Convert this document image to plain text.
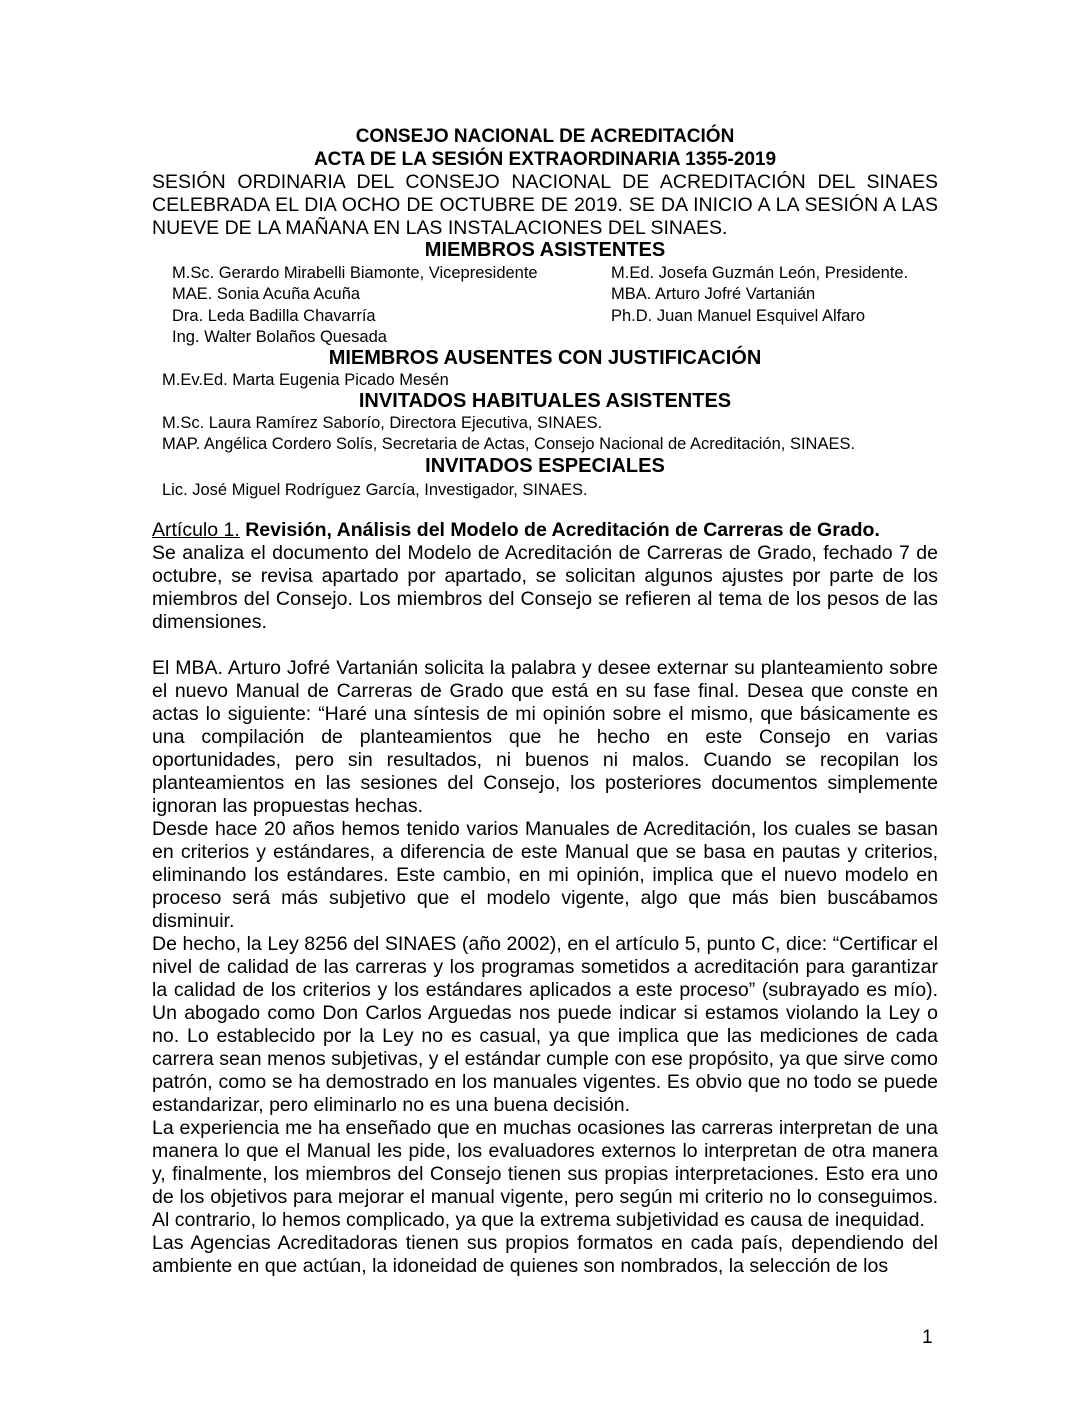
CONSEJO NACIONAL DE ACREDITACIÓN
ACTA DE LA SESIÓN EXTRAORDINARIA 1355-2019
SESIÓN ORDINARIA DEL CONSEJO NACIONAL DE ACREDITACIÓN DEL SINAES CELEBRADA EL DIA OCHO DE OCTUBRE DE 2019. SE DA INICIO A LA SESIÓN A LAS NUEVE DE LA MAÑANA EN LAS INSTALACIONES DEL SINAES.
MIEMBROS ASISTENTES
M.Sc. Gerardo Mirabelli Biamonte, Vicepresidente
MAE. Sonia Acuña Acuña
Dra. Leda Badilla Chavarría
Ing. Walter Bolaños Quesada
M.Ed. Josefa Guzmán León, Presidente.
MBA. Arturo Jofré Vartanián
Ph.D. Juan Manuel Esquivel Alfaro
MIEMBROS AUSENTES CON JUSTIFICACIÓN
M.Ev.Ed. Marta Eugenia Picado Mesén
INVITADOS HABITUALES ASISTENTES
M.Sc. Laura Ramírez Saborío, Directora Ejecutiva, SINAES.
MAP. Angélica Cordero Solís, Secretaria de Actas, Consejo Nacional de Acreditación, SINAES.
INVITADOS ESPECIALES
Lic. José Miguel Rodríguez García, Investigador, SINAES.

Artículo 1. Revisión, Análisis del Modelo de Acreditación de Carreras de Grado.

Se analiza el documento del Modelo de Acreditación de Carreras de Grado, fechado 7 de octubre, se revisa apartado por apartado, se solicitan algunos ajustes por parte de los miembros del Consejo. Los miembros del Consejo se refieren al tema de los pesos de las dimensiones.

El MBA. Arturo Jofré Vartanián solicita la palabra y desee externar su planteamiento sobre el nuevo Manual de Carreras de Grado que está en su fase final. Desea que conste en actas lo siguiente: “Haré una síntesis de mi opinión sobre el mismo, que básicamente es una compilación de planteamientos que he hecho en este Consejo en varias oportunidades, pero sin resultados, ni buenos ni malos. Cuando se recopilan los planteamientos en las sesiones del Consejo, los posteriores documentos simplemente ignoran las propuestas hechas.

Desde hace 20 años hemos tenido varios Manuales de Acreditación, los cuales se basan en criterios y estándares, a diferencia de este Manual que se basa en pautas y criterios, eliminando los estándares. Este cambio, en mi opinión, implica que el nuevo modelo en proceso será más subjetivo que el modelo vigente, algo que más bien buscábamos disminuir.

De hecho, la Ley 8256 del SINAES (año 2002), en el artículo 5, punto C, dice: “Certificar el nivel de calidad de las carreras y los programas sometidos a acreditación para garantizar la calidad de los criterios y los estándares aplicados a este proceso” (subrayado es mío). Un abogado como Don Carlos Arguedas nos puede indicar si estamos violando la Ley o no. Lo establecido por la Ley no es casual, ya que implica que las mediciones de cada carrera sean menos subjetivas, y el estándar cumple con ese propósito, ya que sirve como patrón, como se ha demostrado en los manuales vigentes. Es obvio que no todo se puede estandarizar, pero eliminarlo no es una buena decisión.

La experiencia me ha enseñado que en muchas ocasiones las carreras interpretan de una manera lo que el Manual les pide, los evaluadores externos lo interpretan de otra manera y, finalmente, los miembros del Consejo tienen sus propias interpretaciones. Esto era uno de los objetivos para mejorar el manual vigente, pero según mi criterio no lo conseguimos. Al contrario, lo hemos complicado, ya que la extrema subjetividad es causa de inequidad.

Las Agencias Acreditadoras tienen sus propios formatos en cada país, dependiendo del ambiente en que actúan, la idoneidad de quienes son nombrados, la selección de los

1
